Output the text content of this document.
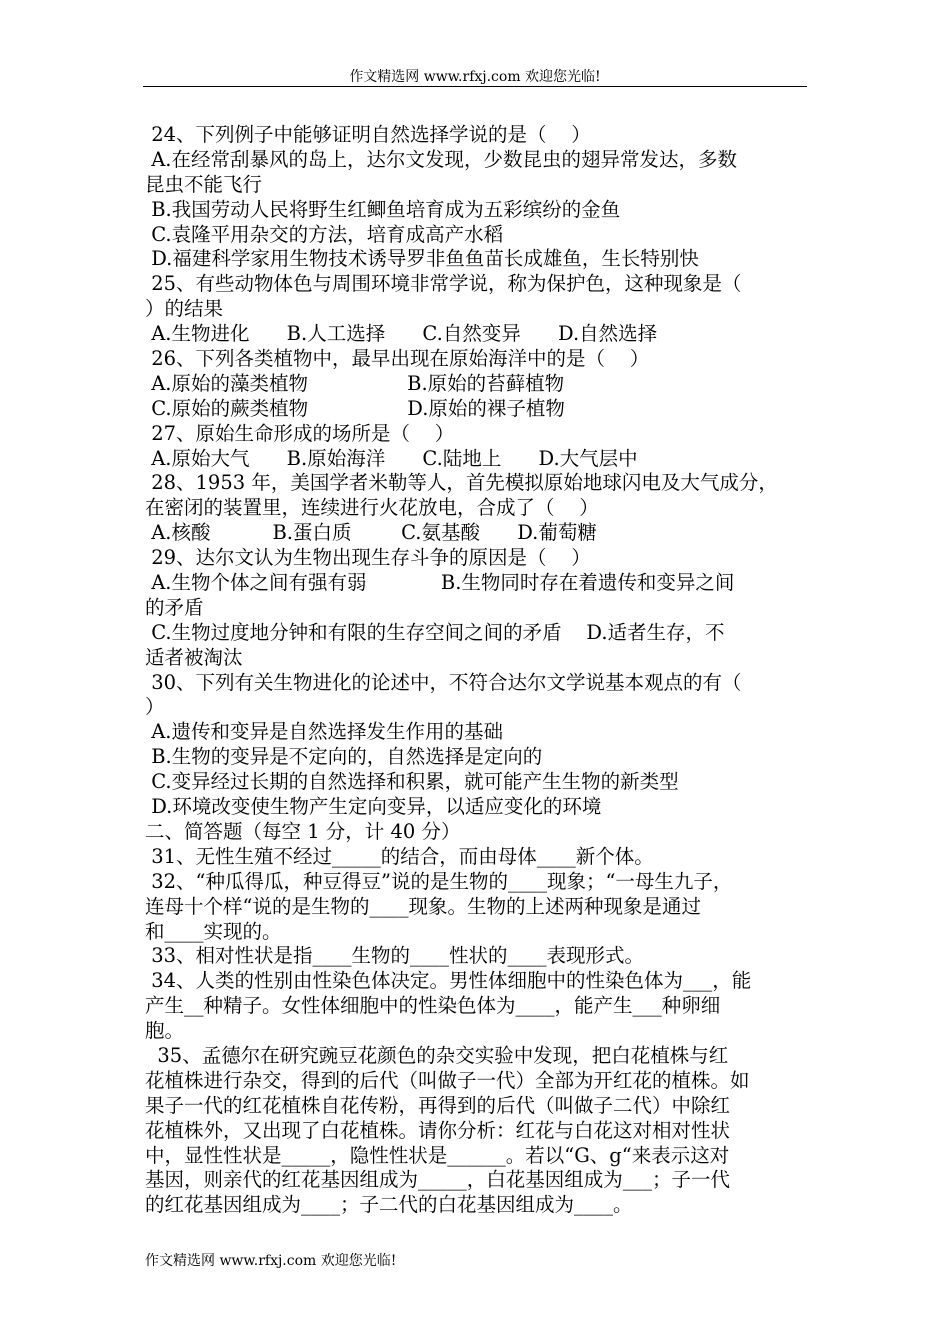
作文精选网 www.rfxj.com 欢迎您光临!
24、下列例子中能够证明自然选择学说的是（    ）
A.在经常刮暴风的岛上，达尔文发现，少数昆虫的翅异常发达，多数
昆虫不能飞行
B.我国劳动人民将野生红鲫鱼培育成为五彩缤纷的金鱼
C.袁隆平用杂交的方法，培育成高产水稻
D.福建科学家用生物技术诱导罗非鱼鱼苗长成雄鱼，生长特别快
25、有些动物体色与周围环境非常学说，称为保护色，这种现象是（
）的结果
A.生物进化      B.人工选择      C.自然变异      D.自然选择
26、下列各类植物中，最早出现在原始海洋中的是（    ）
A.原始的藻类植物                B.原始的苔藓植物
C.原始的蕨类植物                D.原始的裸子植物
27、原始生命形成的场所是（    ）
A.原始大气      B.原始海洋      C.陆地上      D.大气层中
28、1953 年，美国学者米勒等人，首先模拟原始地球闪电及大气成分，
在密闭的装置里，连续进行火花放电，合成了（    ）
A.核酸          B.蛋白质        C.氨基酸      D.葡萄糖
29、达尔文认为生物出现生存斗争的原因是（    ）
A.生物个体之间有强有弱            B.生物同时存在着遗传和变异之间
的矛盾
C.生物过度地分钟和有限的生存空间之间的矛盾    D.适者生存，不
适者被淘汰
30、下列有关生物进化的论述中，不符合达尔文学说基本观点的有（
）
A.遗传和变异是自然选择发生作用的基础
B.生物的变异是不定向的，自然选择是定向的
C.变异经过长期的自然选择和积累，就可能产生生物的新类型
D.环境改变使生物产生定向变异，以适应变化的环境
二、简答题（每空 1 分，计 40 分）
31、无性生殖不经过_____的结合，而由母体____新个体。
32、“种瓜得瓜，种豆得豆”说的是生物的____现象；“一母生九子，
连母十个样“说的是生物的____现象。生物的上述两种现象是通过
和____实现的。
33、相对性状是指____生物的____性状的____表现形式。
34、人类的性别由性染色体决定。男性体细胞中的性染色体为___，能
产生__种精子。女性体细胞中的性染色体为____，能产生___种卵细
胞。
35、孟德尔在研究豌豆花颜色的杂交实验中发现，把白花植株与红
花植株进行杂交，得到的后代（叫做子一代）全部为开红花的植株。如
果子一代的红花植株自花传粉，再得到的后代（叫做子二代）中除红
花植株外，又出现了白花植株。请你分析：红花与白花这对相对性状
中，显性性状是_____，隐性性状是______。若以“G、g“来表示这对
基因，则亲代的红花基因组成为_____，白花基因组成为___；子一代
的红花基因组成为____；子二代的白花基因组成为____。
作文精选网 www.rfxj.com 欢迎您光临!
